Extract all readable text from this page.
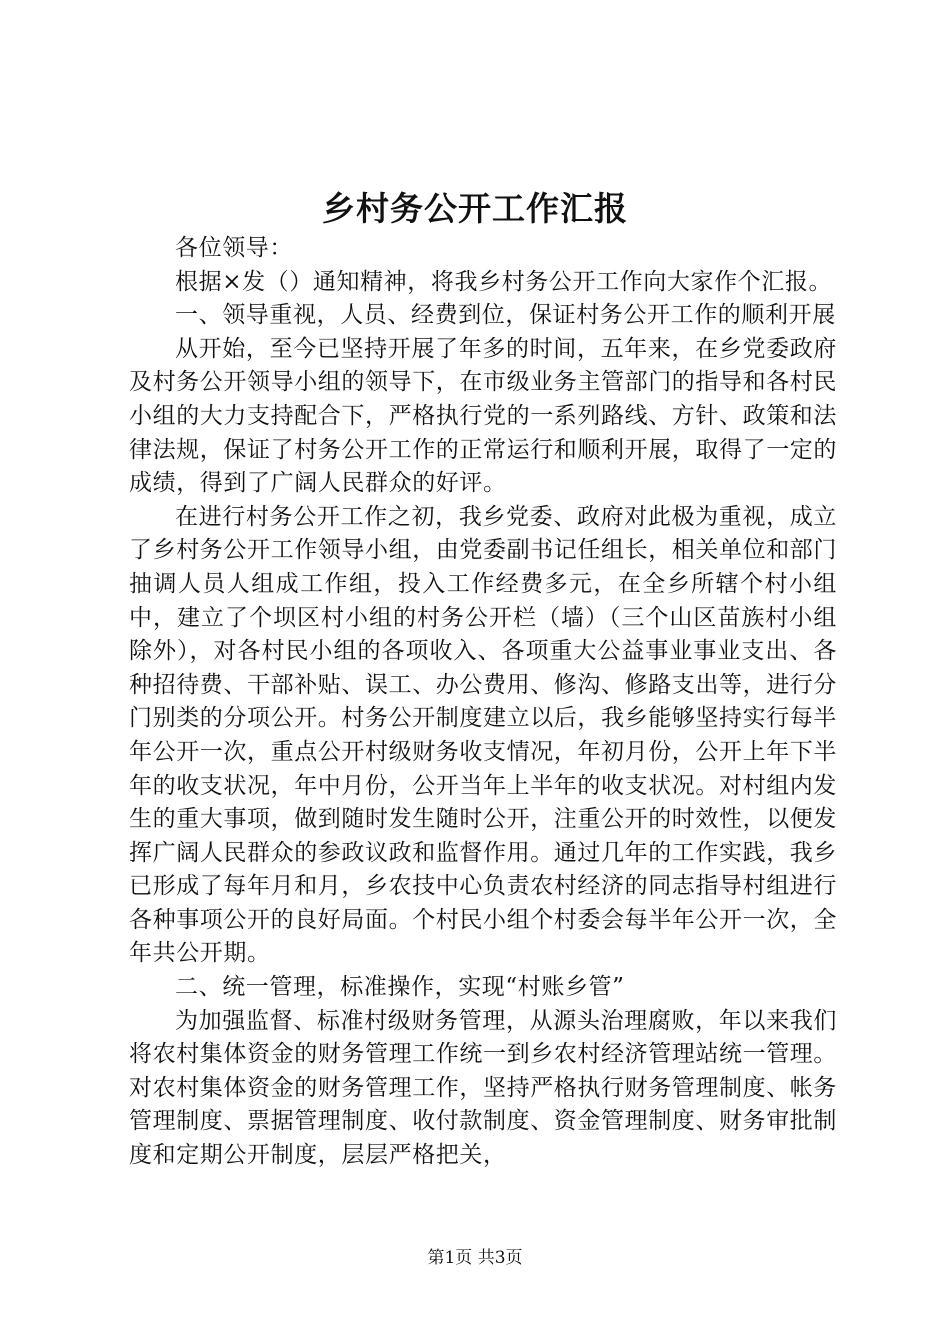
乡村务公开工作汇报

各位领导：

根据×发（）通知精神，将我乡村务公开工作向大家作个汇报。

一、领导重视，人员、经费到位，保证村务公开工作的顺利开展

从开始，至今已坚持开展了年多的时间，五年来，在乡党委政府及村务公开领导小组的领导下，在市级业务主管部门的指导和各村民小组的大力支持配合下，严格执行党的一系列路线、方针、政策和法律法规，保证了村务公开工作的正常运行和顺利开展，取得了一定的成绩，得到了广阔人民群众的好评。

在进行村务公开工作之初，我乡党委、政府对此极为重视，成立了乡村务公开工作领导小组，由党委副书记任组长，相关单位和部门抽调人员人组成工作组，投入工作经费多元，在全乡所辖个村小组中，建立了个坝区村小组的村务公开栏（墙）（三个山区苗族村小组除外），对各村民小组的各项收入、各项重大公益事业事业支出、各种招待费、干部补贴、误工、办公费用、修沟、修路支出等，进行分门别类的分项公开。村务公开制度建立以后，我乡能够坚持实行每半年公开一次，重点公开村级财务收支情况，年初月份，公开上年下半年的收支状况，年中月份，公开当年上半年的收支状况。对村组内发生的重大事项，做到随时发生随时公开，注重公开的时效性，以便发挥广阔人民群众的参政议政和监督作用。通过几年的工作实践，我乡已形成了每年月和月，乡农技中心负责农村经济的同志指导村组进行各种事项公开的良好局面。个村民小组个村委会每半年公开一次，全年共公开期。

二、统一管理，标准操作，实现“村账乡管”

为加强监督、标准村级财务管理，从源头治理腐败，年以来我们将农村集体资金的财务管理工作统一到乡农村经济管理站统一管理。对农村集体资金的财务管理工作，坚持严格执行财务管理制度、帐务管理制度、票据管理制度、收付款制度、资金管理制度、财务审批制度和定期公开制度，层层严格把关，

第1页 共3页
